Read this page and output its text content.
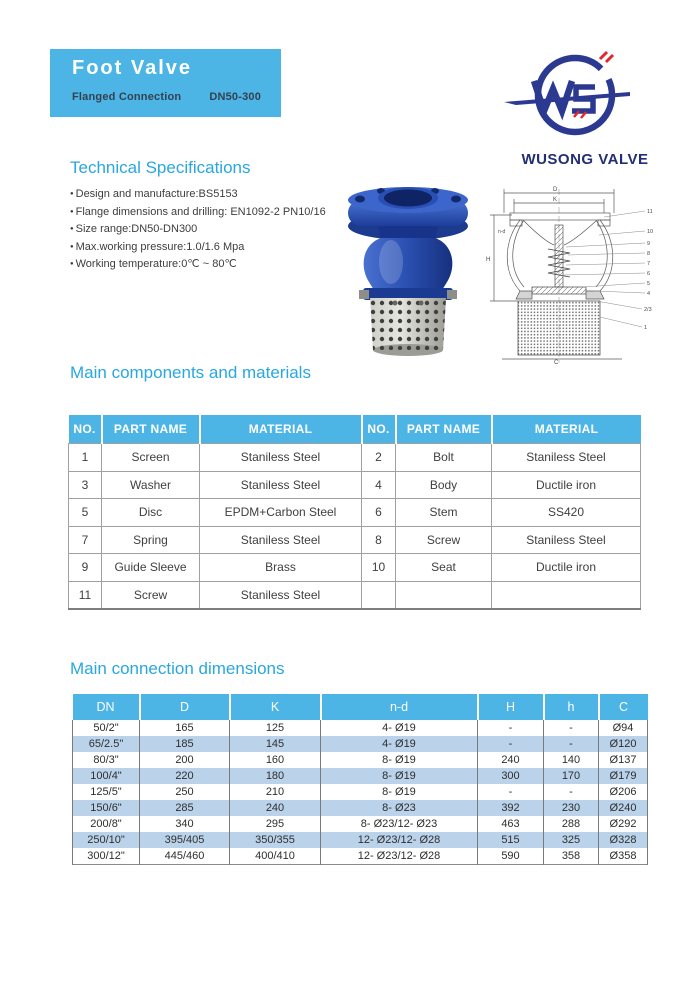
Foot Valve
Flanged Connection	DN50-300
WUSONG VALVE
Technical Specifications
● Design and manufacture:BS5153
● Flange dimensions and drilling: EN1092-2 PN10/16
● Size range:DN50-DN300
● Max.working pressure:1.0/1.6 Mpa
● Working temperature:0℃ ~ 80℃
D
K
H
n-d
C
11
10
9
8
7
6
5
4
2/3
1
Main components and materials
NO.	PART NAME	MATERIAL	NO.	PART NAME	MATERIAL
1	Screen	Staniless Steel	2	Bolt	Staniless Steel
3	Washer	Staniless Steel	4	Body	Ductile iron
5	Disc	EPDM+Carbon Steel	6	Stem	SS420
7	Spring	Staniless Steel	8	Screw	Staniless Steel
9	Guide Sleeve	Brass	10	Seat	Ductile iron
11	Screw	Staniless Steel			
Main connection dimensions
DN	D	K	n-d	H	h	C
50/2"	165	125	4- Ø19	-	-	Ø94
65/2.5"	185	145	4- Ø19	-	-	Ø120
80/3"	200	160	8- Ø19	240	140	Ø137
100/4"	220	180	8- Ø19	300	170	Ø179
125/5"	250	210	8- Ø19	-	-	Ø206
150/6"	285	240	8- Ø23	392	230	Ø240
200/8"	340	295	8- Ø23/12- Ø23	463	288	Ø292
250/10"	395/405	350/355	12- Ø23/12- Ø28	515	325	Ø328
300/12"	445/460	400/410	12- Ø23/12- Ø28	590	358	Ø358
